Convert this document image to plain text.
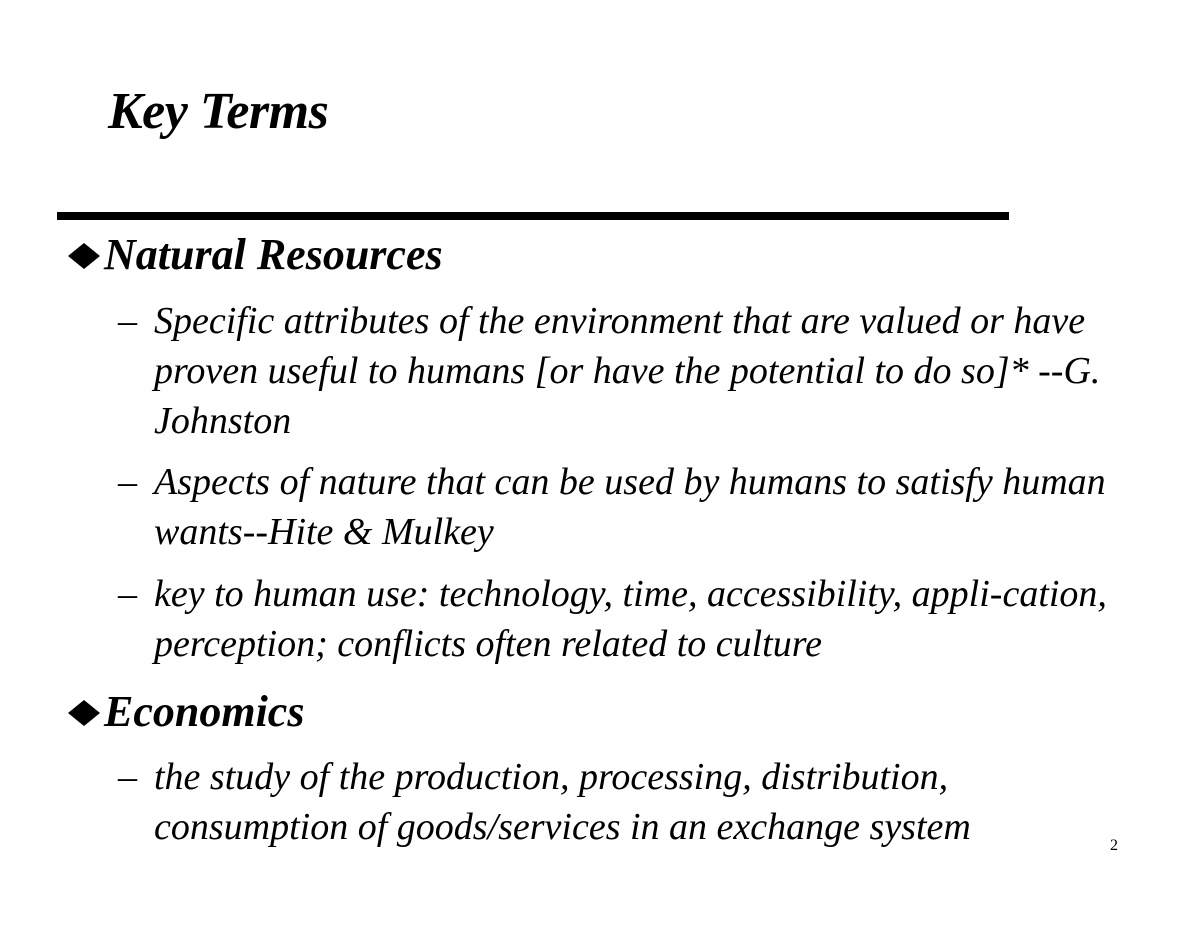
Key Terms
Natural Resources
– Specific attributes of the environment that are valued or have proven useful to humans [or have the potential to do so]* --G. Johnston
– Aspects of nature that can be used by humans to satisfy human wants--Hite & Mulkey
– key to human use: technology, time, accessibility, appli-cation, perception; conflicts often related to culture
Economics
– the study of the production, processing, distribution, consumption of goods/services in an exchange system	2
